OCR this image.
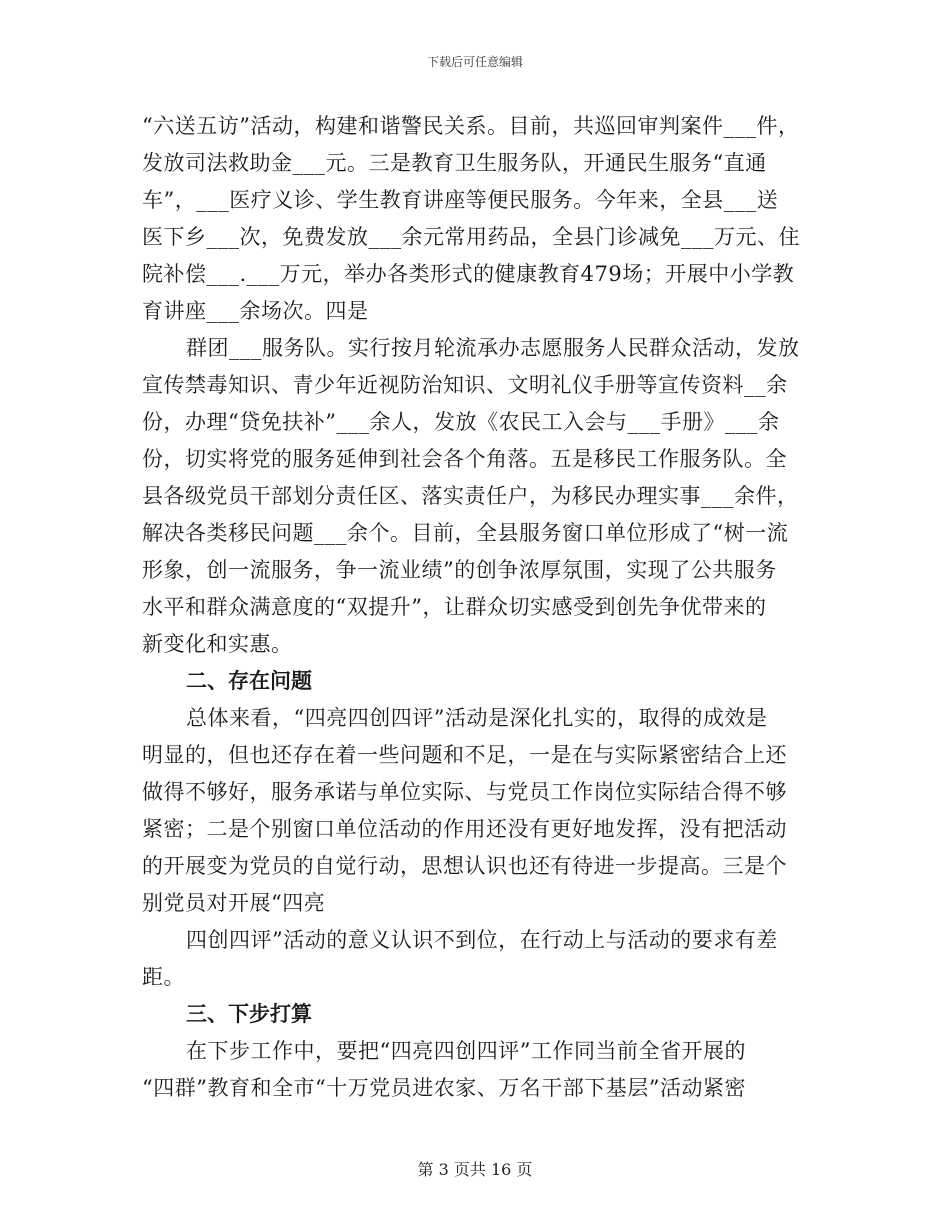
下载后可任意编辑
“六送五访”活动，构建和谐警民关系。目前，共巡回审判案件___件，
发放司法救助金___元。三是教育卫生服务队，开通民生服务“直通
车”，___医疗义诊、学生教育讲座等便民服务。今年来，全县___送
医下乡___次，免费发放___余元常用药品，全县门诊减免___万元、住
院补偿___.___万元，举办各类形式的健康教育479场；开展中小学教
育讲座___余场次。四是
群团___服务队。实行按月轮流承办志愿服务人民群众活动，发放
宣传禁毒知识、青少年近视防治知识、文明礼仪手册等宣传资料__余
份，办理“贷免扶补”___余人，发放《农民工入会与___手册》___余
份，切实将党的服务延伸到社会各个角落。五是移民工作服务队。全
县各级党员干部划分责任区、落实责任户，为移民办理实事___余件，
解决各类移民问题___余个。目前，全县服务窗口单位形成了“树一流
形象，创一流服务，争一流业绩”的创争浓厚氛围，实现了公共服务
水平和群众满意度的“双提升”，让群众切实感受到创先争优带来的
新变化和实惠。
二、存在问题
总体来看，“四亮四创四评”活动是深化扎实的，取得的成效是
明显的，但也还存在着一些问题和不足，一是在与实际紧密结合上还
做得不够好，服务承诺与单位实际、与党员工作岗位实际结合得不够
紧密；二是个别窗口单位活动的作用还没有更好地发挥，没有把活动
的开展变为党员的自觉行动，思想认识也还有待进一步提高。三是个
别党员对开展“四亮
四创四评”活动的意义认识不到位，在行动上与活动的要求有差
距。
三、下步打算
在下步工作中，要把“四亮四创四评”工作同当前全省开展的
“四群”教育和全市“十万党员进农家、万名干部下基层”活动紧密
第 3 页共 16 页
